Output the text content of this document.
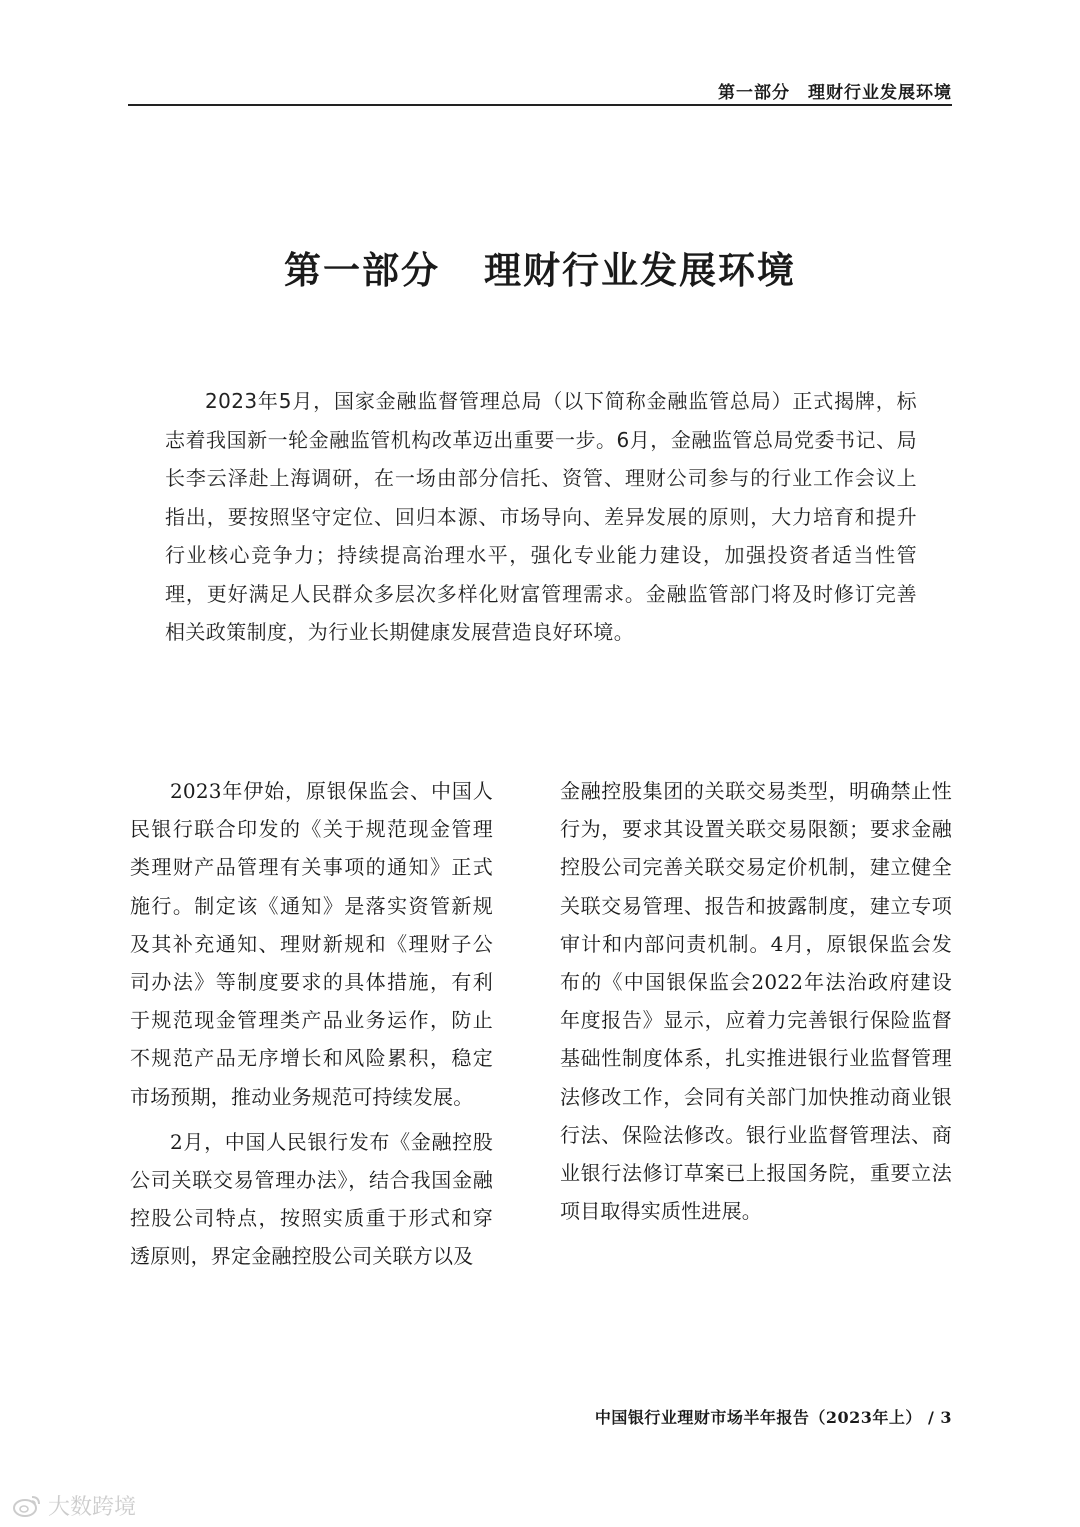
第一部分　理财行业发展环境
第一部分 理财行业发展环境

2023年5月，国家金融监督管理总局（以下简称金融监管总局）正式揭牌，标志着我国新一轮金融监管机构改革迈出重要一步。6月，金融监管总局党委书记、局长李云泽赴上海调研，在一场由部分信托、资管、理财公司参与的行业工作会议上指出，要按照坚守定位、回归本源、市场导向、差异发展的原则，大力培育和提升行业核心竞争力；持续提高治理水平，强化专业能力建设，加强投资者适当性管理，更好满足人民群众多层次多样化财富管理需求。金融监管部门将及时修订完善相关政策制度，为行业长期健康发展营造良好环境。

2023年伊始，原银保监会、中国人民银行联合印发的《关于规范现金管理类理财产品管理有关事项的通知》正式施行。制定该《通知》是落实资管新规及其补充通知、理财新规和《理财子公司办法》等制度要求的具体措施，有利于规范现金管理类产品业务运作，防止不规范产品无序增长和风险累积，稳定市场预期，推动业务规范可持续发展。

2月，中国人民银行发布《金融控股公司关联交易管理办法》，结合我国金融控股公司特点，按照实质重于形式和穿透原则，界定金融控股公司关联方以及

金融控股集团的关联交易类型，明确禁止性行为，要求其设置关联交易限额；要求金融控股公司完善关联交易定价机制，建立健全关联交易管理、报告和披露制度，建立专项审计和内部问责机制。4月，原银保监会发布的《中国银保监会2022年法治政府建设年度报告》显示，应着力完善银行保险监督基础性制度体系，扎实推进银行业监督管理法修改工作，会同有关部门加快推动商业银行法、保险法修改。银行业监督管理法、商业银行法修订草案已上报国务院，重要立法项目取得实质性进展。

中国银行业理财市场半年报告（2023年上） / 3
大数跨境
